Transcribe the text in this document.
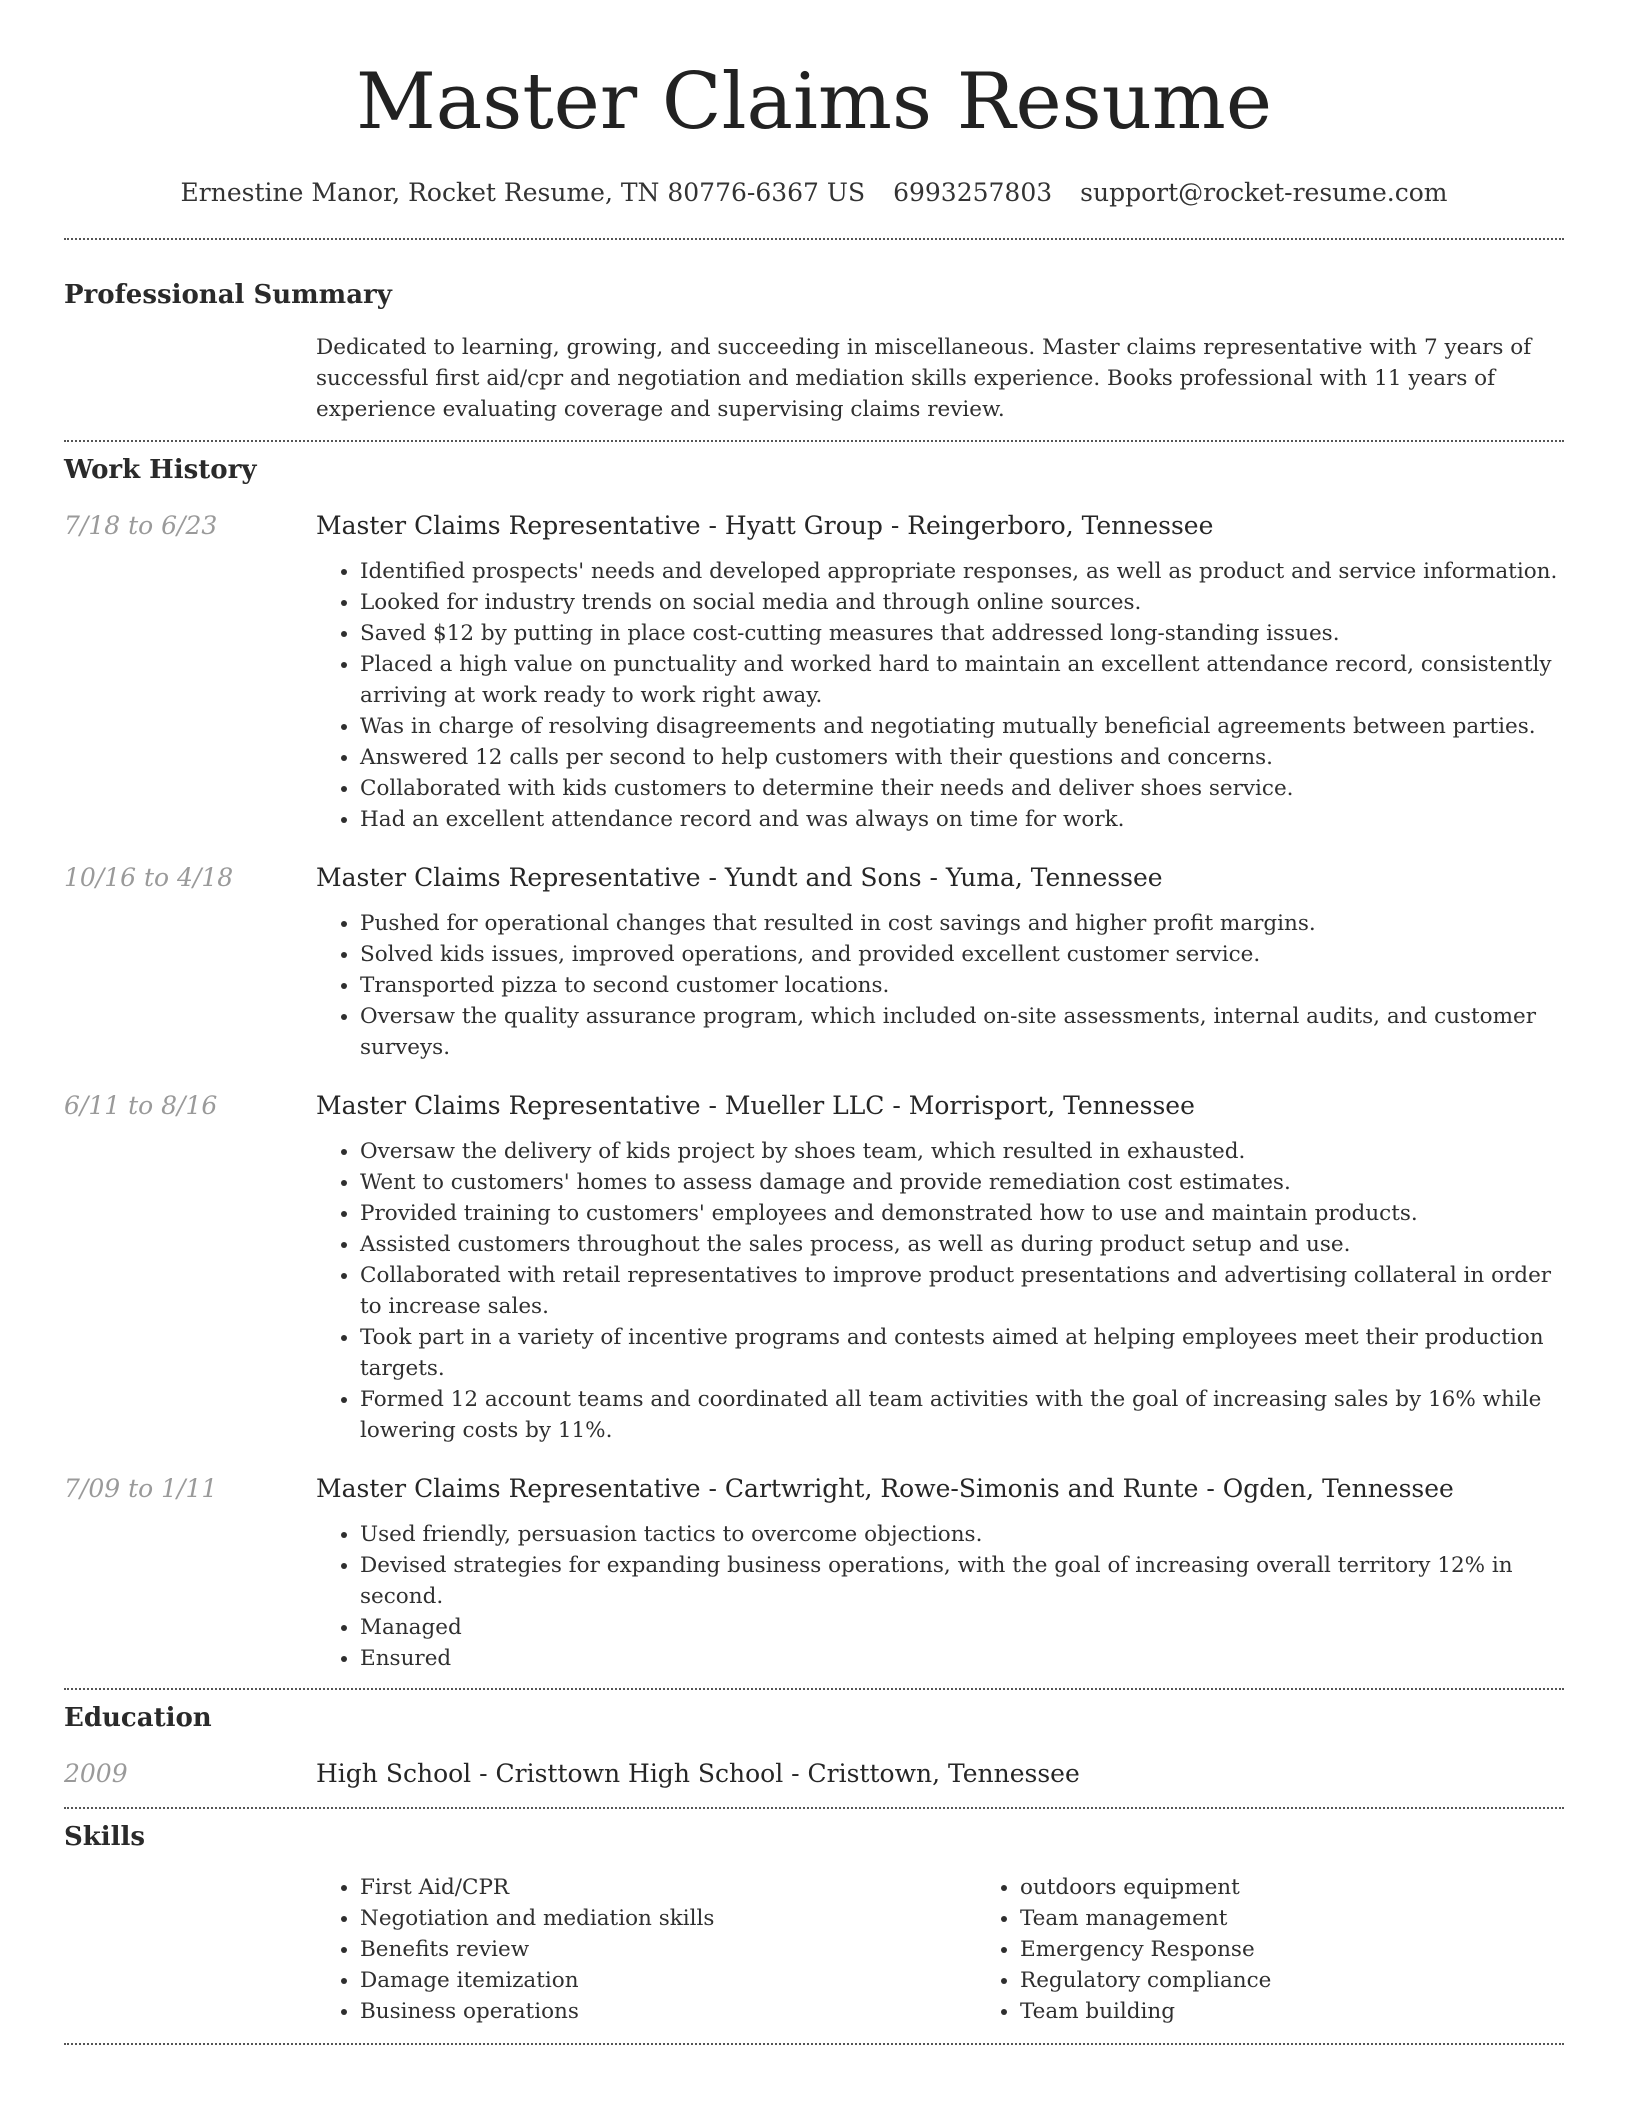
Master Claims Resume
Ernestine Manor, Rocket Resume, TN 80776-6367 US 6993257803 support@rocket-resume.com
Professional Summary
Dedicated to learning, growing, and succeeding in miscellaneous. Master claims representative with 7 years of successful first aid/cpr and negotiation and mediation skills experience. Books professional with 11 years of experience evaluating coverage and supervising claims review.
Work History
7/18 to 6/23	Master Claims Representative - Hyatt Group - Reingerboro, Tennessee
• Identified prospects' needs and developed appropriate responses, as well as product and service information.
• Looked for industry trends on social media and through online sources.
• Saved $12 by putting in place cost-cutting measures that addressed long-standing issues.
• Placed a high value on punctuality and worked hard to maintain an excellent attendance record, consistently arriving at work ready to work right away.
• Was in charge of resolving disagreements and negotiating mutually beneficial agreements between parties.
• Answered 12 calls per second to help customers with their questions and concerns.
• Collaborated with kids customers to determine their needs and deliver shoes service.
• Had an excellent attendance record and was always on time for work.
10/16 to 4/18	Master Claims Representative - Yundt and Sons - Yuma, Tennessee
• Pushed for operational changes that resulted in cost savings and higher profit margins.
• Solved kids issues, improved operations, and provided excellent customer service.
• Transported pizza to second customer locations.
• Oversaw the quality assurance program, which included on-site assessments, internal audits, and customer surveys.
6/11 to 8/16	Master Claims Representative - Mueller LLC - Morrisport, Tennessee
• Oversaw the delivery of kids project by shoes team, which resulted in exhausted.
• Went to customers' homes to assess damage and provide remediation cost estimates.
• Provided training to customers' employees and demonstrated how to use and maintain products.
• Assisted customers throughout the sales process, as well as during product setup and use.
• Collaborated with retail representatives to improve product presentations and advertising collateral in order to increase sales.
• Took part in a variety of incentive programs and contests aimed at helping employees meet their production targets.
• Formed 12 account teams and coordinated all team activities with the goal of increasing sales by 16% while lowering costs by 11%.
7/09 to 1/11	Master Claims Representative - Cartwright, Rowe-Simonis and Runte - Ogden, Tennessee
• Used friendly, persuasion tactics to overcome objections.
• Devised strategies for expanding business operations, with the goal of increasing overall territory 12% in second.
• Managed
• Ensured
Education
2009	High School - Cristtown High School - Cristtown, Tennessee
Skills
• First Aid/CPR
• Negotiation and mediation skills
• Benefits review
• Damage itemization
• Business operations
• outdoors equipment
• Team management
• Emergency Response
• Regulatory compliance
• Team building
